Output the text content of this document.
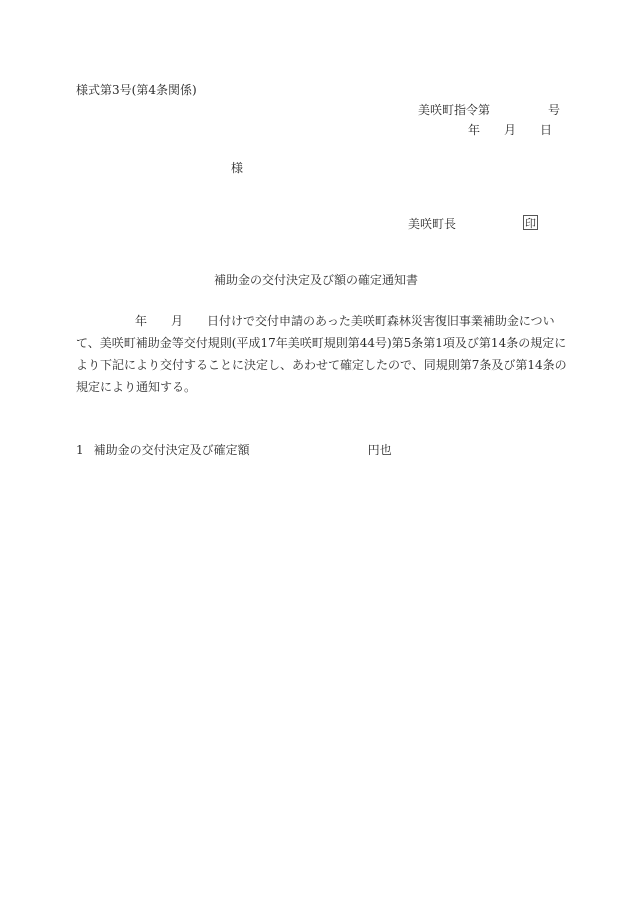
様式第3号(第4条関係)
美咲町指令第	号
年 月 日
様
美咲町長	印
補助金の交付決定及び額の確定通知書
年 月 日付けで交付申請のあった美咲町森林災害復旧事業補助金につい
て、美咲町補助金等交付規則(平成17年美咲町規則第44号)第5条第1項及び第14条の規定に
より下記により交付することに決定し、あわせて確定したので、同規則第7条及び第14条の
規定により通知する。
1 補助金の交付決定及び確定額	円也
